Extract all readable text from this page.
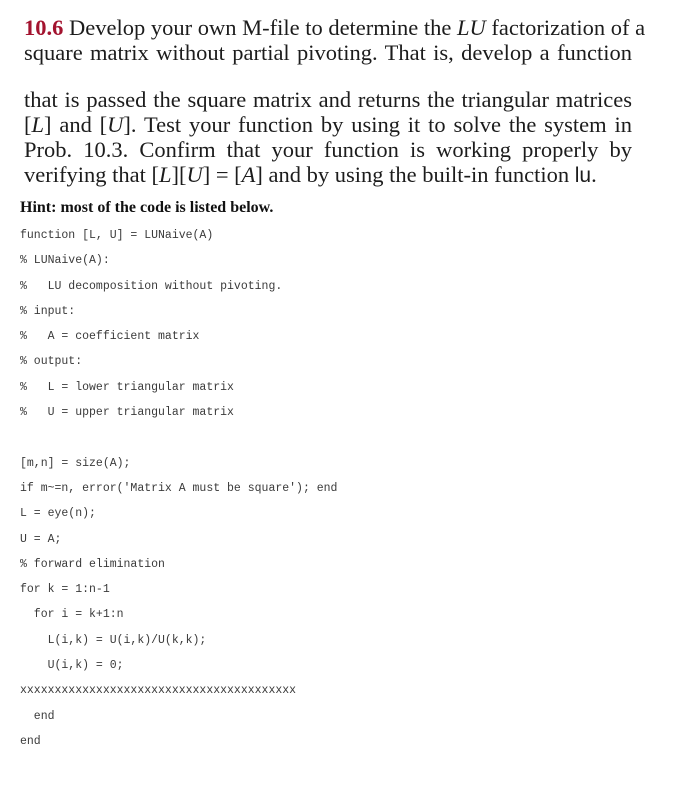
10.6 Develop your own M-file to determine the LU factorization of a
square matrix without partial pivoting. That is, develop a function
that is passed the square matrix and returns the triangular matrices
[L] and [U]. Test your function by using it to solve the system in
Prob. 10.3. Confirm that your function is working properly by
verifying that [L][U] = [A] and by using the built-in function lu.
Hint: most of the code is listed below.
function [L, U] = LUNaive(A)
% LUNaive(A):
%   LU decomposition without pivoting.
% input:
%   A = coefficient matrix
% output:
%   L = lower triangular matrix
%   U = upper triangular matrix
[m,n] = size(A);
if m~=n, error('Matrix A must be square'); end
L = eye(n);
U = A;
% forward elimination
for k = 1:n-1
for i = k+1:n
L(i,k) = U(i,k)/U(k,k);
U(i,k) = 0;
xxxxxxxxxxxxxxxxxxxxxxxxxxxxxxxxxxxxxxxx
end
end
